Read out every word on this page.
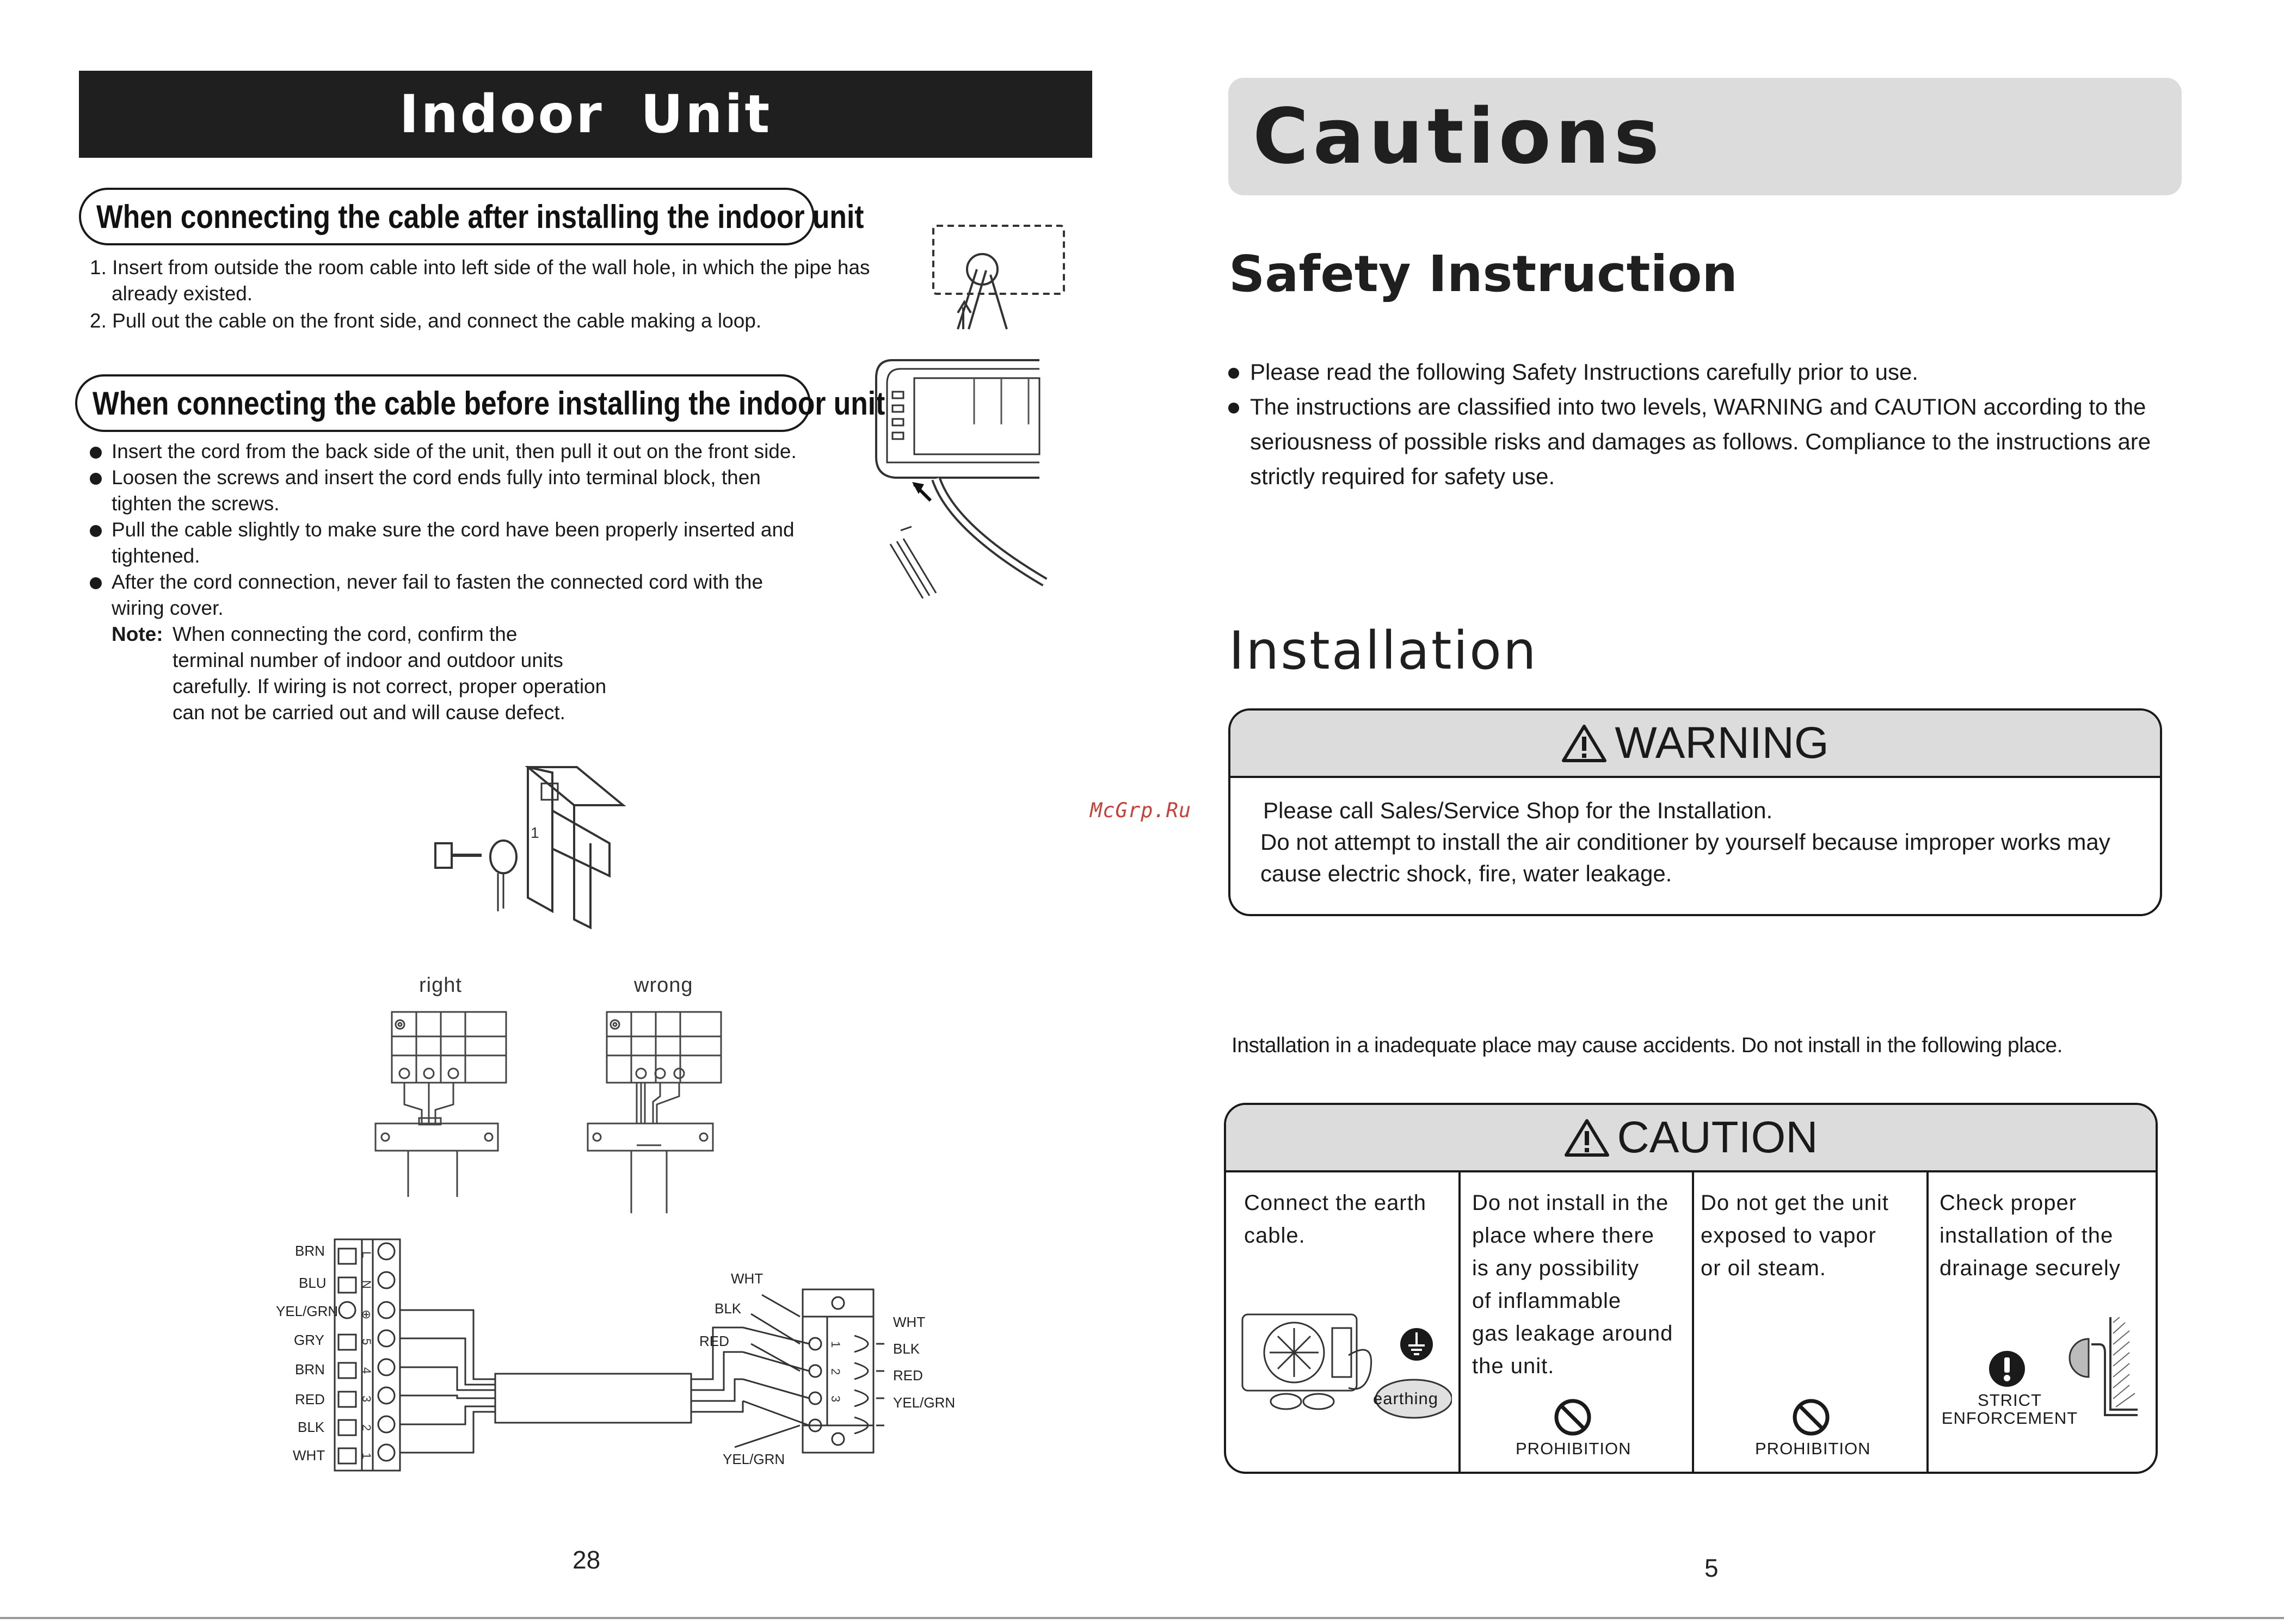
Indoor Unit
When connecting the cable after installing the indoor unit
1. Insert from outside the room cable into left side of the wall hole, in which the pipe has
already existed.
2. Pull out the cable on the front side, and connect the cable making a loop.
When connecting the cable before installing the indoor unit
Insert the cord from the back side of the unit, then pull it out on the front side.
Loosen the screws and insert the cord ends fully into terminal block, then
tighten the screws.
Pull the cable slightly to make sure the cord have been properly inserted and
tightened.
After the cord connection, never fail to fasten the connected cord with the
wiring cover.
Note: When connecting the cord, confirm the
terminal number of indoor and outdoor units
carefully. If wiring is not correct, proper operation
can not be carried out and will cause defect.
1
right	wrong
BRN
BLU
YEL/GRN
GRY
BRN
RED
BLK
WHT
L
N
⊕
5
4
3
2
1
1
2
3
WHT
BLK
RED
YEL/GRN
WHT
BLK
RED
YEL/GRN
28
McGrp.Ru
Cautions
Safety Instruction
Please read the following Safety Instructions carefully prior to use.
The instructions are classified into two levels, WARNING and CAUTION according to the
seriousness of possible risks and damages as follows. Compliance to the instructions are
strictly required for safety use.
Installation
WARNING
Please call Sales/Service Shop for the Installation.
Do not attempt to install the air conditioner by yourself because improper works may
cause electric shock, fire, water leakage.
Installation in a inadequate place may cause accidents. Do not install in the following place.
CAUTION
Connect the earth
cable.
earthing
Do not install in the
place where there
is any possibility
of inflammable
gas leakage around
the unit.
PROHIBITION
Do not get the unit
exposed to vapor
or oil steam.
PROHIBITION
Check proper
installation of the
drainage securely
STRICT
ENFORCEMENT
5
